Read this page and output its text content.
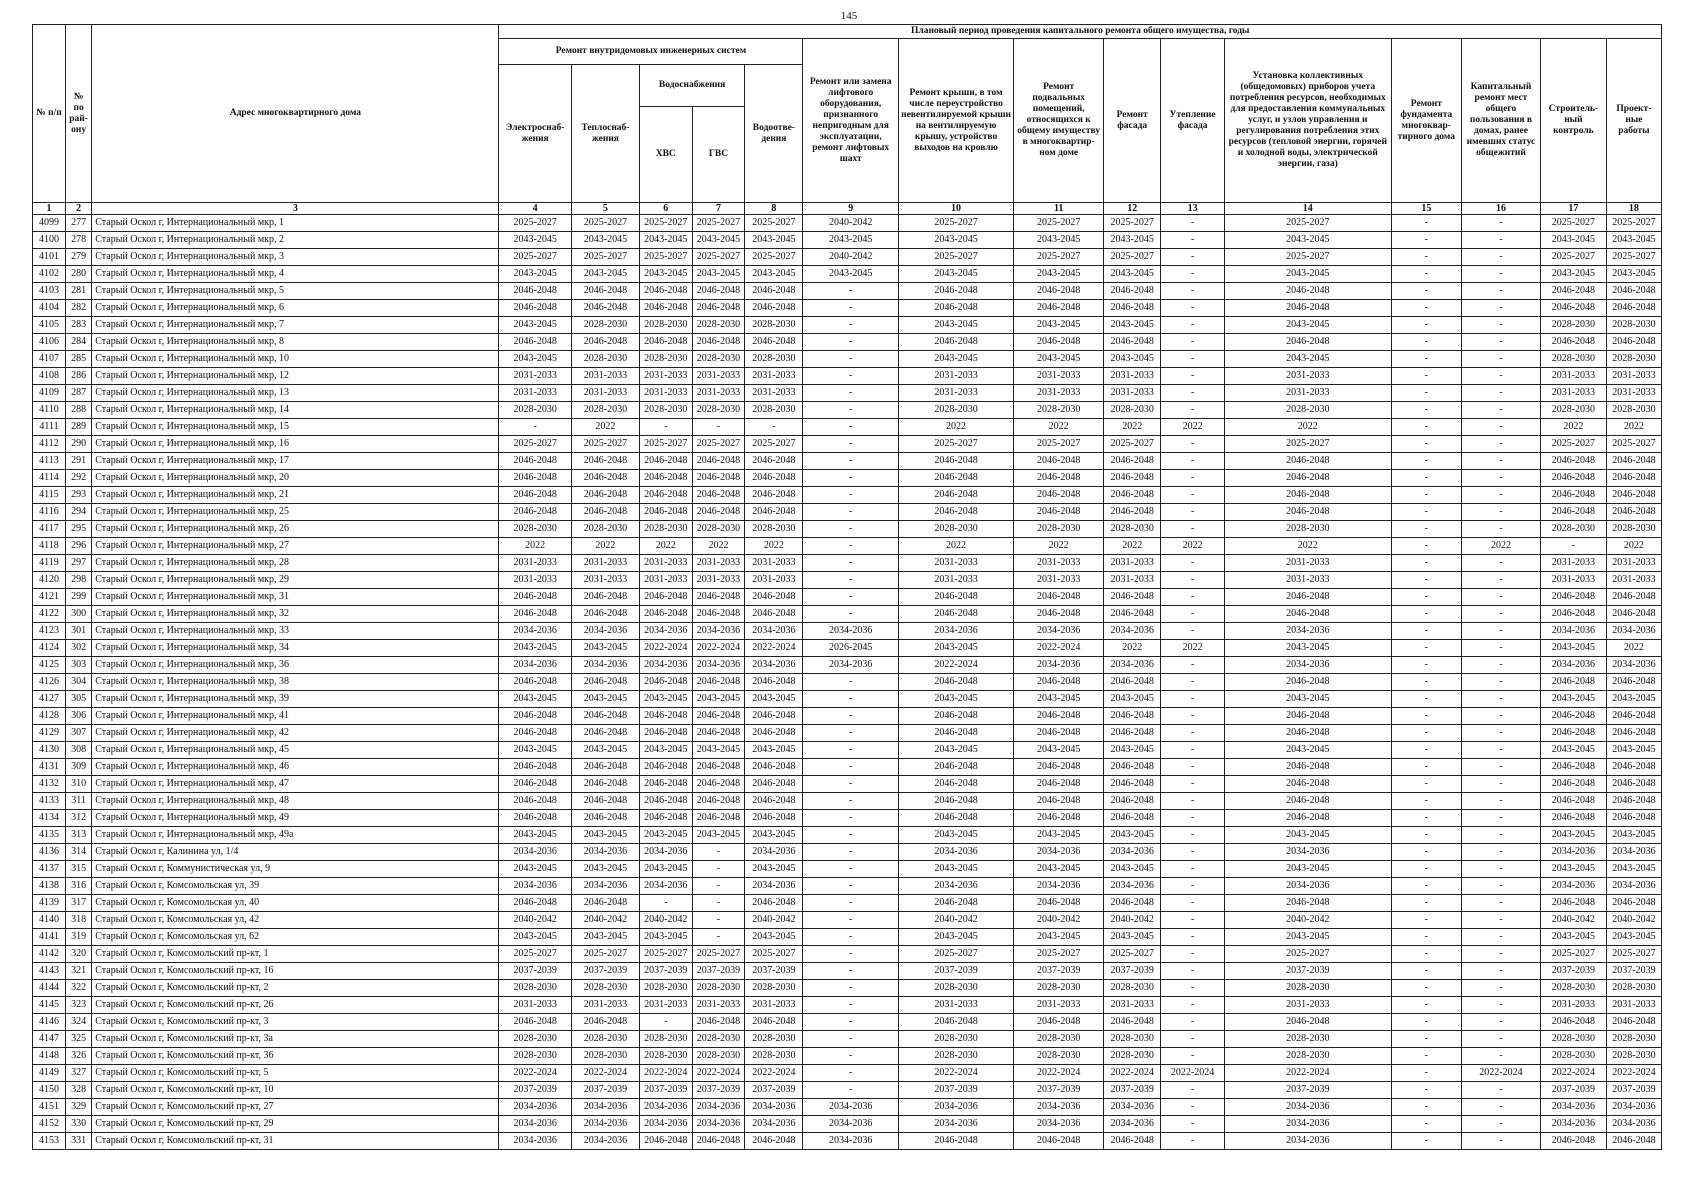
145
№ п/п	№ по рай-ону	Адрес многоквартирного дома	Плановый период проведения капитального ремонта общего имущества, годы														
			Ремонт внутридомовых инженерных систем					Ремонт или замена лифтового оборудования, признанного непригодным для эксплуатации, ремонт лифтовых шахт	Ремонт крыши, в том числе переустройство невентилируемой крыши на вентилируемую крышу, устройство выходов на кровлю	Ремонт подвальных помещений, относящихся к общему имуществу в многоквартир-ном доме	Ремонт фасада	Утепление фасада	Установка коллективных (общедомовых) приборов учета потребления ресурсов, необходимых для предоставления коммунальных услуг, и узлов управления и регулирования потребления этих ресурсов (тепловой энергии, горячей и холодной воды, электрической энергии, газа)	Ремонт фундамента многоквар-тирного дома	Капитальный ремонт мест общего пользования в домах, ранее имевших статус общежитий	Строитель-ный контроль	Проект-ные работы
			Электроснаб-жения	Теплоснаб-жения	Водоснабжения		Водоотве-дения										
					ХВС	ГВС											
1	2	3	4	5	6	7	8	9	10	11	12	13	14	15	16	17	18
4099	277	Старый Оскол г, Интернациональный мкр, 1	2025-2027	2025-2027	2025-2027	2025-2027	2025-2027	2040-2042	2025-2027	2025-2027	2025-2027	-	2025-2027	-	-	2025-2027	2025-2027
4100	278	Старый Оскол г, Интернациональный мкр, 2	2043-2045	2043-2045	2043-2045	2043-2045	2043-2045	2043-2045	2043-2045	2043-2045	2043-2045	-	2043-2045	-	-	2043-2045	2043-2045
4101	279	Старый Оскол г, Интернациональный мкр, 3	2025-2027	2025-2027	2025-2027	2025-2027	2025-2027	2040-2042	2025-2027	2025-2027	2025-2027	-	2025-2027	-	-	2025-2027	2025-2027
4102	280	Старый Оскол г, Интернациональный мкр, 4	2043-2045	2043-2045	2043-2045	2043-2045	2043-2045	2043-2045	2043-2045	2043-2045	2043-2045	-	2043-2045	-	-	2043-2045	2043-2045
4103	281	Старый Оскол г, Интернациональный мкр, 5	2046-2048	2046-2048	2046-2048	2046-2048	2046-2048	-	2046-2048	2046-2048	2046-2048	-	2046-2048	-	-	2046-2048	2046-2048
4104	282	Старый Оскол г, Интернациональный мкр, 6	2046-2048	2046-2048	2046-2048	2046-2048	2046-2048	-	2046-2048	2046-2048	2046-2048	-	2046-2048	-	-	2046-2048	2046-2048
4105	283	Старый Оскол г, Интернациональный мкр, 7	2043-2045	2028-2030	2028-2030	2028-2030	2028-2030	-	2043-2045	2043-2045	2043-2045	-	2043-2045	-	-	2028-2030	2028-2030
4106	284	Старый Оскол г, Интернациональный мкр, 8	2046-2048	2046-2048	2046-2048	2046-2048	2046-2048	-	2046-2048	2046-2048	2046-2048	-	2046-2048	-	-	2046-2048	2046-2048
4107	285	Старый Оскол г, Интернациональный мкр, 10	2043-2045	2028-2030	2028-2030	2028-2030	2028-2030	-	2043-2045	2043-2045	2043-2045	-	2043-2045	-	-	2028-2030	2028-2030
4108	286	Старый Оскол г, Интернациональный мкр, 12	2031-2033	2031-2033	2031-2033	2031-2033	2031-2033	-	2031-2033	2031-2033	2031-2033	-	2031-2033	-	-	2031-2033	2031-2033
4109	287	Старый Оскол г, Интернациональный мкр, 13	2031-2033	2031-2033	2031-2033	2031-2033	2031-2033	-	2031-2033	2031-2033	2031-2033	-	2031-2033	-	-	2031-2033	2031-2033
4110	288	Старый Оскол г, Интернациональный мкр, 14	2028-2030	2028-2030	2028-2030	2028-2030	2028-2030	-	2028-2030	2028-2030	2028-2030	-	2028-2030	-	-	2028-2030	2028-2030
4111	289	Старый Оскол г, Интернациональный мкр, 15	-	2022	-	-	-	-	2022	2022	2022	2022	2022	-	-	2022	2022
4112	290	Старый Оскол г, Интернациональный мкр, 16	2025-2027	2025-2027	2025-2027	2025-2027	2025-2027	-	2025-2027	2025-2027	2025-2027	-	2025-2027	-	-	2025-2027	2025-2027
4113	291	Старый Оскол г, Интернациональный мкр, 17	2046-2048	2046-2048	2046-2048	2046-2048	2046-2048	-	2046-2048	2046-2048	2046-2048	-	2046-2048	-	-	2046-2048	2046-2048
4114	292	Старый Оскол г, Интернациональный мкр, 20	2046-2048	2046-2048	2046-2048	2046-2048	2046-2048	-	2046-2048	2046-2048	2046-2048	-	2046-2048	-	-	2046-2048	2046-2048
4115	293	Старый Оскол г, Интернациональный мкр, 21	2046-2048	2046-2048	2046-2048	2046-2048	2046-2048	-	2046-2048	2046-2048	2046-2048	-	2046-2048	-	-	2046-2048	2046-2048
4116	294	Старый Оскол г, Интернациональный мкр, 25	2046-2048	2046-2048	2046-2048	2046-2048	2046-2048	-	2046-2048	2046-2048	2046-2048	-	2046-2048	-	-	2046-2048	2046-2048
4117	295	Старый Оскол г, Интернациональный мкр, 26	2028-2030	2028-2030	2028-2030	2028-2030	2028-2030	-	2028-2030	2028-2030	2028-2030	-	2028-2030	-	-	2028-2030	2028-2030
4118	296	Старый Оскол г, Интернациональный мкр, 27	2022	2022	2022	2022	2022	-	2022	2022	2022	2022	2022	-	2022	-	2022
4119	297	Старый Оскол г, Интернациональный мкр, 28	2031-2033	2031-2033	2031-2033	2031-2033	2031-2033	-	2031-2033	2031-2033	2031-2033	-	2031-2033	-	-	2031-2033	2031-2033
4120	298	Старый Оскол г, Интернациональный мкр, 29	2031-2033	2031-2033	2031-2033	2031-2033	2031-2033	-	2031-2033	2031-2033	2031-2033	-	2031-2033	-	-	2031-2033	2031-2033
4121	299	Старый Оскол г, Интернациональный мкр, 31	2046-2048	2046-2048	2046-2048	2046-2048	2046-2048	-	2046-2048	2046-2048	2046-2048	-	2046-2048	-	-	2046-2048	2046-2048
4122	300	Старый Оскол г, Интернациональный мкр, 32	2046-2048	2046-2048	2046-2048	2046-2048	2046-2048	-	2046-2048	2046-2048	2046-2048	-	2046-2048	-	-	2046-2048	2046-2048
4123	301	Старый Оскол г, Интернациональный мкр, 33	2034-2036	2034-2036	2034-2036	2034-2036	2034-2036	2034-2036	2034-2036	2034-2036	2034-2036	-	2034-2036	-	-	2034-2036	2034-2036
4124	302	Старый Оскол г, Интернациональный мкр, 34	2043-2045	2043-2045	2022-2024	2022-2024	2022-2024	2026-2045	2043-2045	2022-2024	2022	2022	2043-2045	-	-	2043-2045	2022
4125	303	Старый Оскол г, Интернациональный мкр, 36	2034-2036	2034-2036	2034-2036	2034-2036	2034-2036	2034-2036	2022-2024	2034-2036	2034-2036	-	2034-2036	-	-	2034-2036	2034-2036
4126	304	Старый Оскол г, Интернациональный мкр, 38	2046-2048	2046-2048	2046-2048	2046-2048	2046-2048	-	2046-2048	2046-2048	2046-2048	-	2046-2048	-	-	2046-2048	2046-2048
4127	305	Старый Оскол г, Интернациональный мкр, 39	2043-2045	2043-2045	2043-2045	2043-2045	2043-2045	-	2043-2045	2043-2045	2043-2045	-	2043-2045	-	-	2043-2045	2043-2045
4128	306	Старый Оскол г, Интернациональный мкр, 41	2046-2048	2046-2048	2046-2048	2046-2048	2046-2048	-	2046-2048	2046-2048	2046-2048	-	2046-2048	-	-	2046-2048	2046-2048
4129	307	Старый Оскол г, Интернациональный мкр, 42	2046-2048	2046-2048	2046-2048	2046-2048	2046-2048	-	2046-2048	2046-2048	2046-2048	-	2046-2048	-	-	2046-2048	2046-2048
4130	308	Старый Оскол г, Интернациональный мкр, 45	2043-2045	2043-2045	2043-2045	2043-2045	2043-2045	-	2043-2045	2043-2045	2043-2045	-	2043-2045	-	-	2043-2045	2043-2045
4131	309	Старый Оскол г, Интернациональный мкр, 46	2046-2048	2046-2048	2046-2048	2046-2048	2046-2048	-	2046-2048	2046-2048	2046-2048	-	2046-2048	-	-	2046-2048	2046-2048
4132	310	Старый Оскол г, Интернациональный мкр, 47	2046-2048	2046-2048	2046-2048	2046-2048	2046-2048	-	2046-2048	2046-2048	2046-2048	-	2046-2048	-	-	2046-2048	2046-2048
4133	311	Старый Оскол г, Интернациональный мкр, 48	2046-2048	2046-2048	2046-2048	2046-2048	2046-2048	-	2046-2048	2046-2048	2046-2048	-	2046-2048	-	-	2046-2048	2046-2048
4134	312	Старый Оскол г, Интернациональный мкр, 49	2046-2048	2046-2048	2046-2048	2046-2048	2046-2048	-	2046-2048	2046-2048	2046-2048	-	2046-2048	-	-	2046-2048	2046-2048
4135	313	Старый Оскол г, Интернациональный мкр, 49а	2043-2045	2043-2045	2043-2045	2043-2045	2043-2045	-	2043-2045	2043-2045	2043-2045	-	2043-2045	-	-	2043-2045	2043-2045
4136	314	Старый Оскол г, Калинина ул, 1/4	2034-2036	2034-2036	2034-2036	-	2034-2036	-	2034-2036	2034-2036	2034-2036	-	2034-2036	-	-	2034-2036	2034-2036
4137	315	Старый Оскол г, Коммунистическая ул, 9	2043-2045	2043-2045	2043-2045	-	2043-2045	-	2043-2045	2043-2045	2043-2045	-	2043-2045	-	-	2043-2045	2043-2045
4138	316	Старый Оскол г, Комсомольская ул, 39	2034-2036	2034-2036	2034-2036	-	2034-2036	-	2034-2036	2034-2036	2034-2036	-	2034-2036	-	-	2034-2036	2034-2036
4139	317	Старый Оскол г, Комсомольская ул, 40	2046-2048	2046-2048	-	-	2046-2048	-	2046-2048	2046-2048	2046-2048	-	2046-2048	-	-	2046-2048	2046-2048
4140	318	Старый Оскол г, Комсомольская ул, 42	2040-2042	2040-2042	2040-2042	-	2040-2042	-	2040-2042	2040-2042	2040-2042	-	2040-2042	-	-	2040-2042	2040-2042
4141	319	Старый Оскол г, Комсомольская ул, 62	2043-2045	2043-2045	2043-2045	-	2043-2045	-	2043-2045	2043-2045	2043-2045	-	2043-2045	-	-	2043-2045	2043-2045
4142	320	Старый Оскол г, Комсомольский пр-кт, 1	2025-2027	2025-2027	2025-2027	2025-2027	2025-2027	-	2025-2027	2025-2027	2025-2027	-	2025-2027	-	-	2025-2027	2025-2027
4143	321	Старый Оскол г, Комсомольский пр-кт, 16	2037-2039	2037-2039	2037-2039	2037-2039	2037-2039	-	2037-2039	2037-2039	2037-2039	-	2037-2039	-	-	2037-2039	2037-2039
4144	322	Старый Оскол г, Комсомольский пр-кт, 2	2028-2030	2028-2030	2028-2030	2028-2030	2028-2030	-	2028-2030	2028-2030	2028-2030	-	2028-2030	-	-	2028-2030	2028-2030
4145	323	Старый Оскол г, Комсомольский пр-кт, 26	2031-2033	2031-2033	2031-2033	2031-2033	2031-2033	-	2031-2033	2031-2033	2031-2033	-	2031-2033	-	-	2031-2033	2031-2033
4146	324	Старый Оскол г, Комсомольский пр-кт, 3	2046-2048	2046-2048	-	2046-2048	2046-2048	-	2046-2048	2046-2048	2046-2048	-	2046-2048	-	-	2046-2048	2046-2048
4147	325	Старый Оскол г, Комсомольский пр-кт, 3а	2028-2030	2028-2030	2028-2030	2028-2030	2028-2030	-	2028-2030	2028-2030	2028-2030	-	2028-2030	-	-	2028-2030	2028-2030
4148	326	Старый Оскол г, Комсомольский пр-кт, 36	2028-2030	2028-2030	2028-2030	2028-2030	2028-2030	-	2028-2030	2028-2030	2028-2030	-	2028-2030	-	-	2028-2030	2028-2030
4149	327	Старый Оскол г, Комсомольский пр-кт, 5	2022-2024	2022-2024	2022-2024	2022-2024	2022-2024	-	2022-2024	2022-2024	2022-2024	2022-2024	2022-2024	-	2022-2024	2022-2024	2022-2024
4150	328	Старый Оскол г, Комсомольский пр-кт, 10	2037-2039	2037-2039	2037-2039	2037-2039	2037-2039	-	2037-2039	2037-2039	2037-2039	-	2037-2039	-	-	2037-2039	2037-2039
4151	329	Старый Оскол г, Комсомольский пр-кт, 27	2034-2036	2034-2036	2034-2036	2034-2036	2034-2036	2034-2036	2034-2036	2034-2036	2034-2036	-	2034-2036	-	-	2034-2036	2034-2036
4152	330	Старый Оскол г, Комсомольский пр-кт, 29	2034-2036	2034-2036	2034-2036	2034-2036	2034-2036	2034-2036	2034-2036	2034-2036	2034-2036	-	2034-2036	-	-	2034-2036	2034-2036
4153	331	Старый Оскол г, Комсомольский пр-кт, 31	2034-2036	2034-2036	2046-2048	2046-2048	2046-2048	2034-2036	2046-2048	2046-2048	2046-2048	-	2034-2036	-	-	2046-2048	2046-2048
